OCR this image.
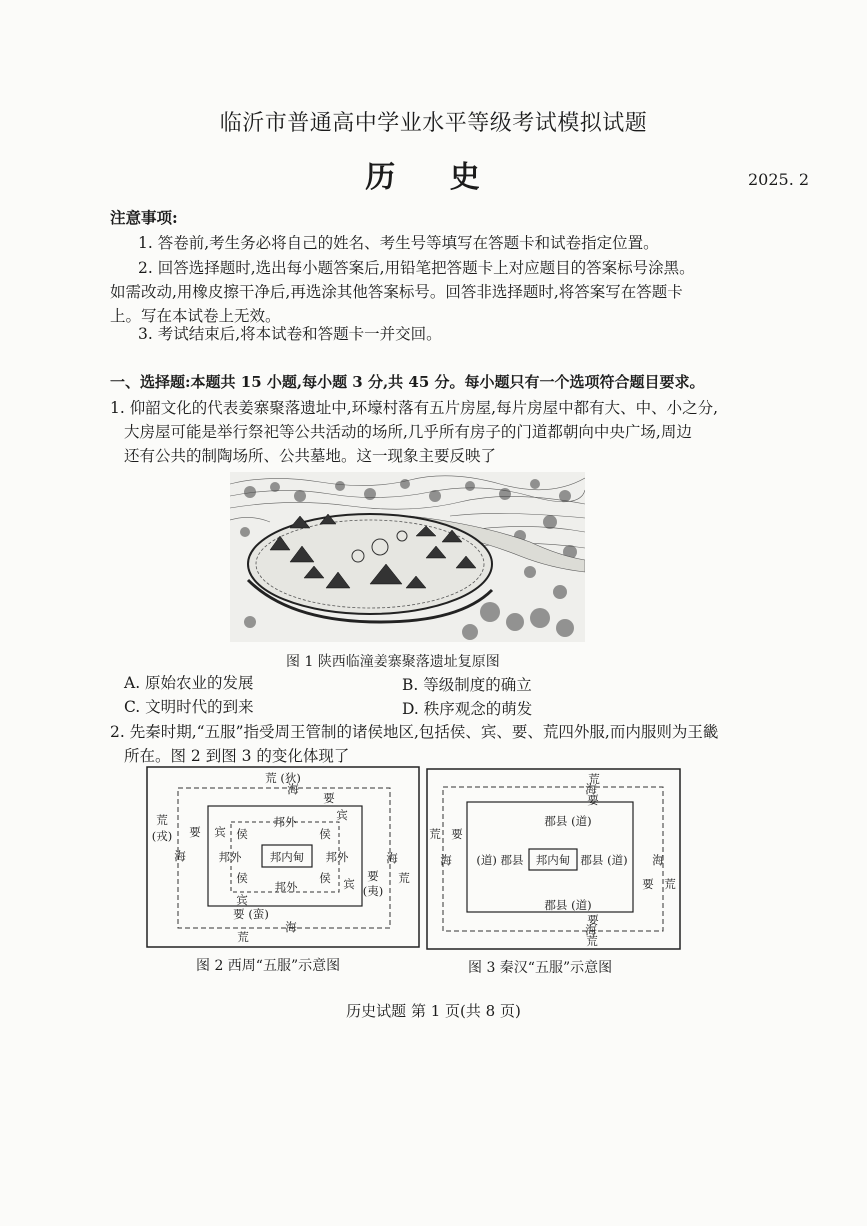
临沂市普通高中学业水平等级考试模拟试题
历 史	2025. 2
注意事项:
1. 答卷前,考生务必将自己的姓名、考生号等填写在答题卡和试卷指定位置。
2. 回答选择题时,选出每小题答案后,用铅笔把答题卡上对应题目的答案标号涂黑。
如需改动,用橡皮擦干净后,再选涂其他答案标号。回答非选择题时,将答案写在答题卡
上。写在本试卷上无效。
3. 考试结束后,将本试卷和答题卡一并交回。
一、选择题:本题共 15 小题,每小题 3 分,共 45 分。每小题只有一个选项符合题目要求。
1. 仰韶文化的代表姜寨聚落遗址中,环壕村落有五片房屋,每片房屋中都有大、中、小之分,
大房屋可能是举行祭祀等公共活动的场所,几乎所有房子的门道都朝向中央广场,周边
还有公共的制陶场所、公共墓地。这一现象主要反映了
图 1 陕西临潼姜寨聚落遗址复原图
A. 原始农业的发展	B. 等级制度的确立
C. 文明时代的到来	D. 秩序观念的萌发
2. 先秦时期,“五服”指受周王管制的诸侯地区,包括侯、宾、要、荒四外服,而内服则为王畿
所在。图 2 到图 3 的变化体现了
荒 (狄)
海
要
宾
邦外
侯	侯
荒
(戎)
海
要 宾
邦外 邦内甸 邦外
侯	侯 宾
海
要
(夷)
荒
邦外
宾
要 (蛮)
海
荒
荒
海
要
郡县 (道)
荒 要
海 (道) 郡县 邦内甸 郡县 (道) 海
要 荒
郡县 (道)
要
海
荒
图 2 西周“五服”示意图	图 3 秦汉“五服”示意图
历史试题 第 1 页(共 8 页)
